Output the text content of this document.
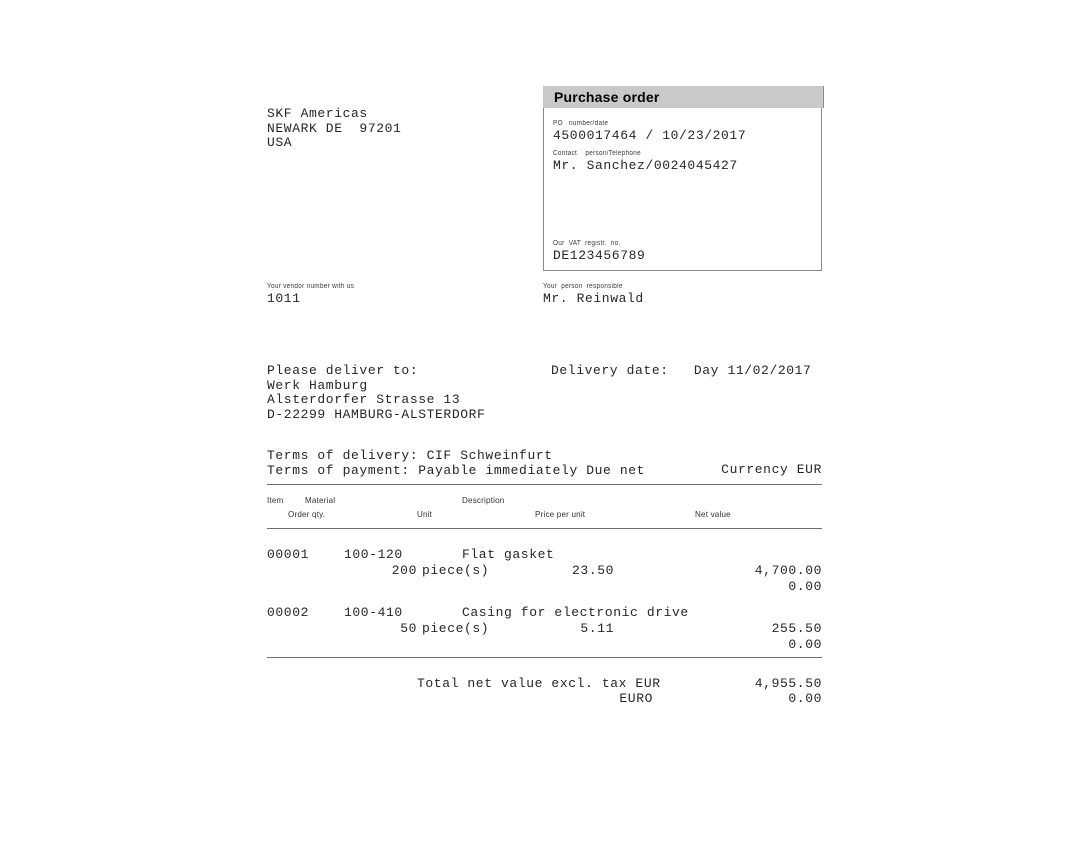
SKF Americas
NEWARK DE  97201
USA
Purchase order
PO   number/date
4500017464 / 10/23/2017
Contact    person/Telephone
Mr. Sanchez/0024045427
Our  VAT  registr.  no.
DE123456789
Your vendor number with us
1011
Your  person  responsible
Mr. Reinwald
Please deliver to:
Werk Hamburg
Alsterdorfer Strasse 13
D-22299 HAMBURG-ALSTERDORF
Delivery date: Day 11/02/2017
Terms of delivery: CIF Schweinfurt
Terms of payment: Payable immediately Due net	Currency EUR
Item	Material	Description
Order qty.	Unit	Price per unit	Net value
00001	100-120	Flat gasket
200 piece(s)	23.50	4,700.00
0.00
00002	100-410	Casing for electronic drive
50 piece(s)	5.11	255.50
0.00
Total net value excl. tax EUR	4,955.50
EURO	0.00
